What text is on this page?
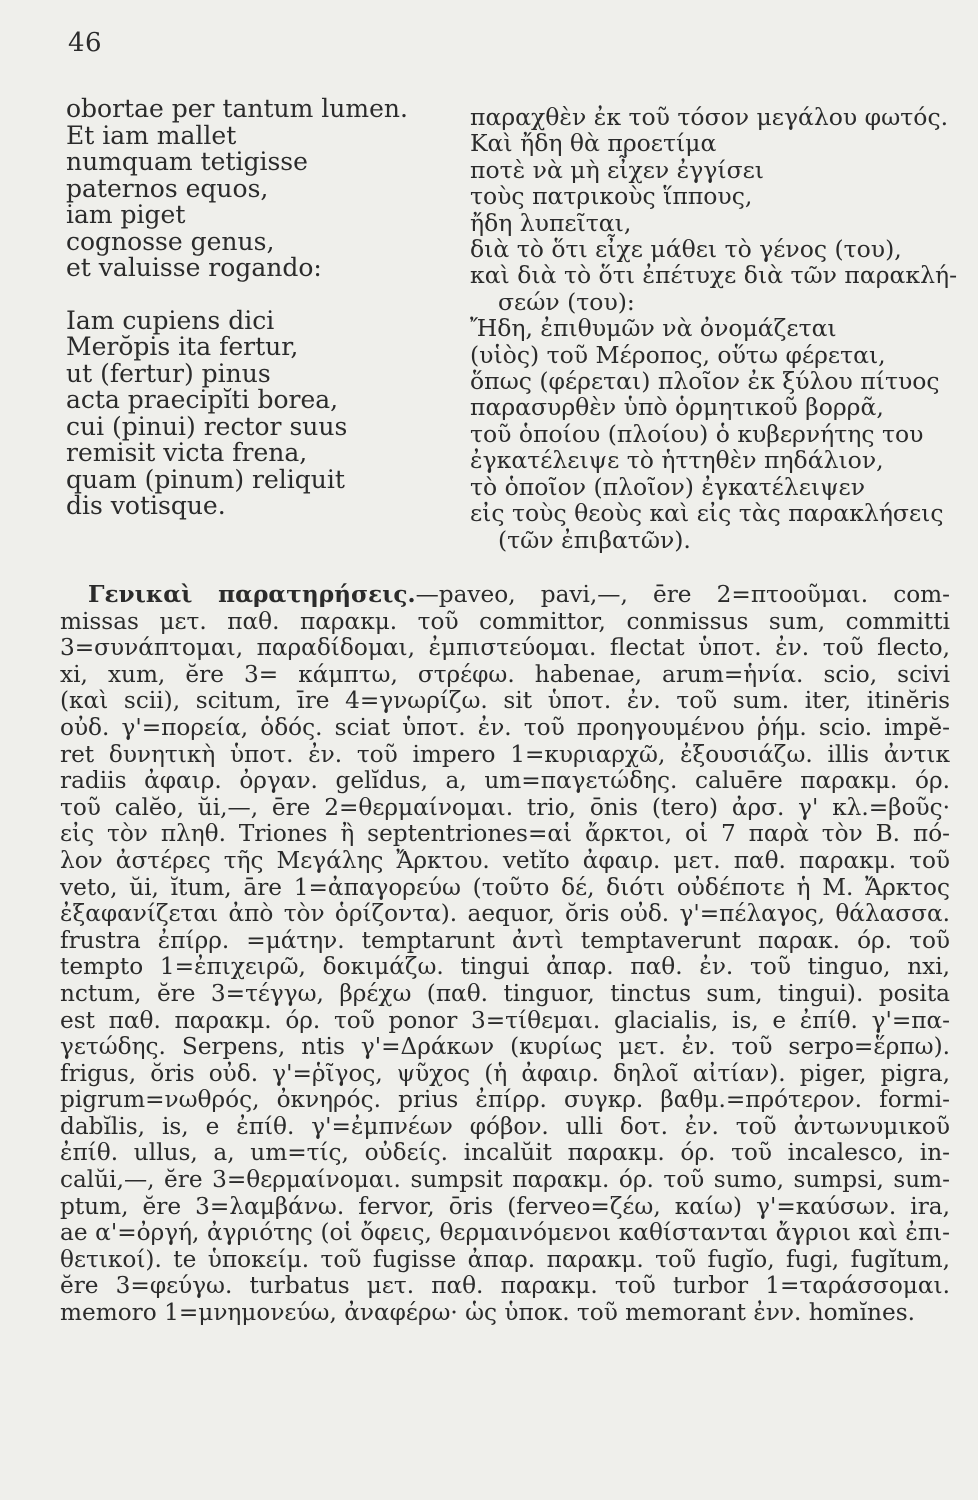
46
obortae per tantum lumen.
Et iam mallet
numquam tetigisse
paternos equos,
iam piget
cognosse genus,
et valuisse rogando:
Iam cupiens dici
Merŏpis ita fertur,
ut (fertur) pinus
acta praecipĭti borea,
cui (pinui) rector suus
remisit victa frena,
quam (pinum) reliquit
dis votisque.
παραχθὲν ἐκ τοῦ τόσον μεγάλου φωτός.
Καὶ ἤδη θὰ προετίμα
ποτὲ νὰ μὴ εἶχεν ἐγγίσει
τοὺς πατρικοὺς ἵππους,
ἤδη λυπεῖται,
διὰ τὸ ὅτι εἶχε μάθει τὸ γένος (του),
καὶ διὰ τὸ ὅτι ἐπέτυχε διὰ τῶν παρακλή-
σεών (του):
Ἤδη, ἐπιθυμῶν νὰ ὀνομάζεται
(υἱὸς) τοῦ Μέροπος, οὕτω φέρεται,
ὅπως (φέρεται) πλοῖον ἐκ ξύλου πίτυος
παρασυρθὲν ὑπὸ ὁρμητικοῦ βορρᾶ,
τοῦ ὁποίου (πλοίου) ὁ κυβερνήτης του
ἐγκατέλειψε τὸ ἡττηθὲν πηδάλιον,
τὸ ὁποῖον (πλοῖον) ἐγκατέλειψεν
εἰς τοὺς θεοὺς καὶ εἰς τὰς παρακλήσεις
(τῶν ἐπιβατῶν).
Γενικαὶ παρατηρήσεις.—paveo, pavi,—, ēre 2=πτοοῦμαι. com-
missas μετ. παθ. παρακμ. τοῦ committor, conmissus sum, committi
3=συνάπτομαι, παραδίδομαι, ἐμπιστεύομαι. flectat ὑποτ. ἐν. τοῦ flecto,
xi, xum, ĕre 3= κάμπτω, στρέφω. habenae, arum=ἡνία. scio, scivi
(καὶ scii), scitum, īre 4=γνωρίζω. sit ὑποτ. ἐν. τοῦ sum. iter, itinĕris
οὐδ. γ'=πορεία, ὁδός. sciat ὑποτ. ἐν. τοῦ προηγουμένου ῥήμ. scio. impĕ-
ret δυνητικὴ ὑποτ. ἐν. τοῦ impero 1=κυριαρχῶ, ἐξουσιάζω. illis ἀντικ
radiis ἀφαιρ. ὀργαν. gelĭdus, a, um=παγετώδης. caluēre παρακμ. όρ.
τοῦ calĕo, ŭi,—, ēre 2=θερμαίνομαι. trio, ōnis (tero) ἀρσ. γ' κλ.=βοῦς·
εἰς τὸν πληθ. Triones ἢ septentriones=αἱ ἄρκτοι, οἱ 7 παρὰ τὸν Β. πό-
λον ἀστέρες τῆς Μεγάλης Ἄρκτου. vetĭto ἀφαιρ. μετ. παθ. παρακμ. τοῦ
veto, ŭi, ĭtum, āre 1=ἀπαγορεύω (τοῦτο δέ, διότι οὐδέποτε ἡ Μ. Ἄρκτος
ἐξαφανίζεται ἀπὸ τὸν ὁρίζοντα). aequor, ŏris οὐδ. γ'=πέλαγος, θάλασσα.
frustra ἐπίρρ. =μάτην. temptarunt ἀντὶ temptaverunt παρακ. όρ. τοῦ
tempto 1=ἐπιχειρῶ, δοκιμάζω. tingui ἀπαρ. παθ. ἐν. τοῦ tinguo, nxi,
nctum, ĕre 3=τέγγω, βρέχω (παθ. tinguor, tinctus sum, tingui). posita
est παθ. παρακμ. όρ. τοῦ ponor 3=τίθεμαι. glacialis, is, e ἐπίθ. γ'=πα-
γετώδης. Serpens, ntis γ'=Δράκων (κυρίως μετ. ἐν. τοῦ serpo=ἕρπω).
frigus, ŏris οὐδ. γ'=ῥῖγος, ψῦχος (ἡ ἀφαιρ. δηλοῖ αἰτίαν). piger, pigra,
pigrum=νωθρός, ὀκνηρός. prius ἐπίρρ. συγκρ. βαθμ.=πρότερον. formi-
dabĭlis, is, e ἐπίθ. γ'=ἐμπνέων φόβον. ulli δοτ. ἐν. τοῦ ἀντωνυμικοῦ
ἐπίθ. ullus, a, um=τίς, οὐδείς. incalŭit παρακμ. όρ. τοῦ incalesco, in-
calŭi,—, ĕre 3=θερμαίνομαι. sumpsit παρακμ. όρ. τοῦ sumo, sumpsi, sum-
ptum, ĕre 3=λαμβάνω. fervor, ōris (ferveo=ζέω, καίω) γ'=καύσων. ira,
ae α'=ὀργή, ἀγριότης (οἱ ὄφεις, θερμαινόμενοι καθίστανται ἄγριοι καὶ ἐπι-
θετικοί). te ὑποκείμ. τοῦ fugisse ἀπαρ. παρακμ. τοῦ fugĭo, fugi, fugĭtum,
ĕre 3=φεύγω. turbatus μετ. παθ. παρακμ. τοῦ turbor 1=ταράσσομαι.
memoro 1=μνημονεύω, ἀναφέρω· ὡς ὑποκ. τοῦ memorant ἐνν. homĭnes.
